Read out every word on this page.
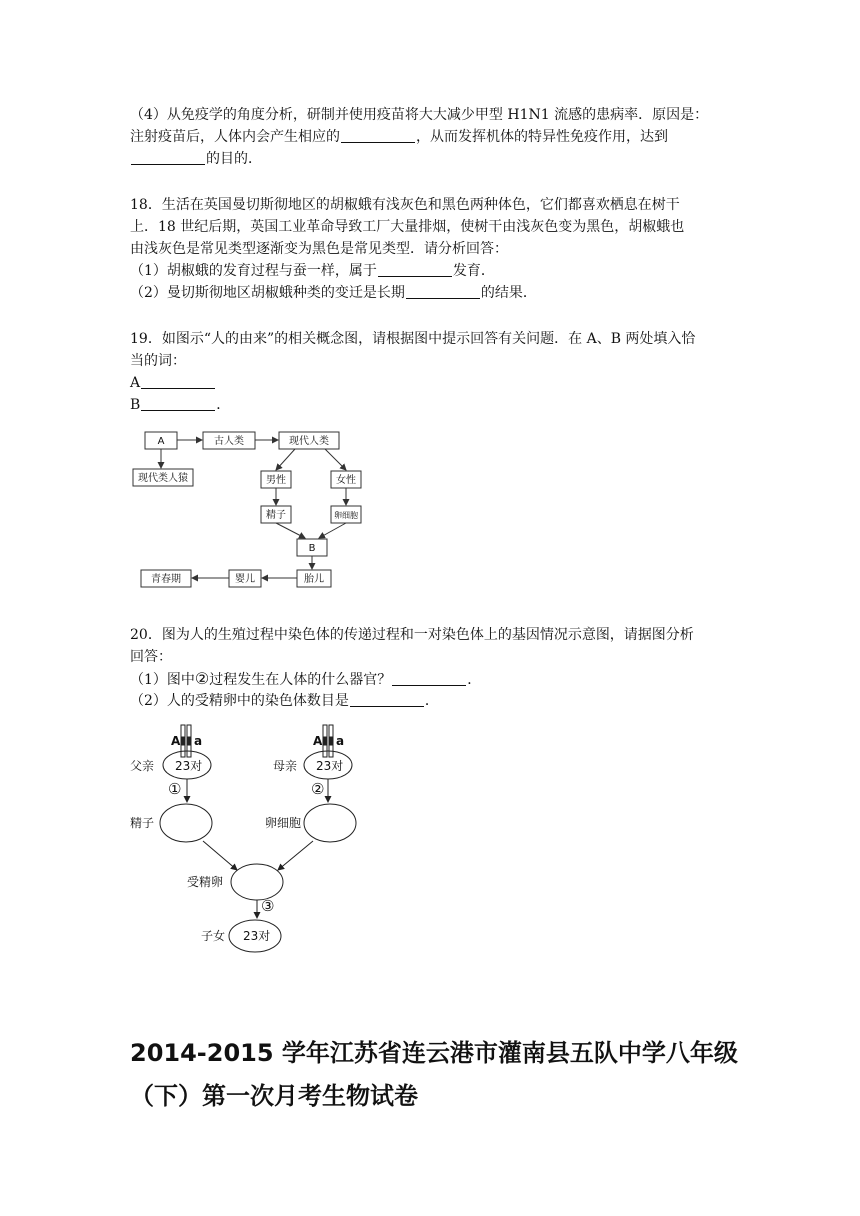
（4）从免疫学的角度分析，研制并使用疫苗将大大减少甲型 H1N1 流感的患病率．原因是：
注射疫苗后，人体内会产生相应的	，从而发挥机体的特异性免疫作用，达到
的目的．
18．生活在英国曼切斯彻地区的胡椒蛾有浅灰色和黑色两种体色，它们都喜欢栖息在树干
上．18 世纪后期，英国工业革命导致工厂大量排烟，使树干由浅灰色变为黑色，胡椒蛾也
由浅灰色是常见类型逐渐变为黑色是常见类型．请分析回答：
（1）胡椒蛾的发育过程与蚕一样，属于	发育．
（2）曼切斯彻地区胡椒蛾种类的变迁是长期	的结果．
19．如图示“人的由来”的相关概念图，请根据图中提示回答有关问题．在 A、B 两处填入恰
当的词：
A
B	．
A	古人类	现代人类
现代类人猿	男性	女性
精子	卵细胞
B
胎儿
婴儿
青春期
20．图为人的生殖过程中染色体的传递过程和一对染色体上的基因情况示意图，请据图分析
回答：
（1）图中②过程发生在人体的什么器官？	．
（2）人的受精卵中的染色体数目是	．
A a	A a
父亲	母亲
23对	23对
①	②
精子	卵细胞
受精卵
③
子女 23对
2014-2015 学年江苏省连云港市灌南县五队中学八年级
（下）第一次月考生物试卷
